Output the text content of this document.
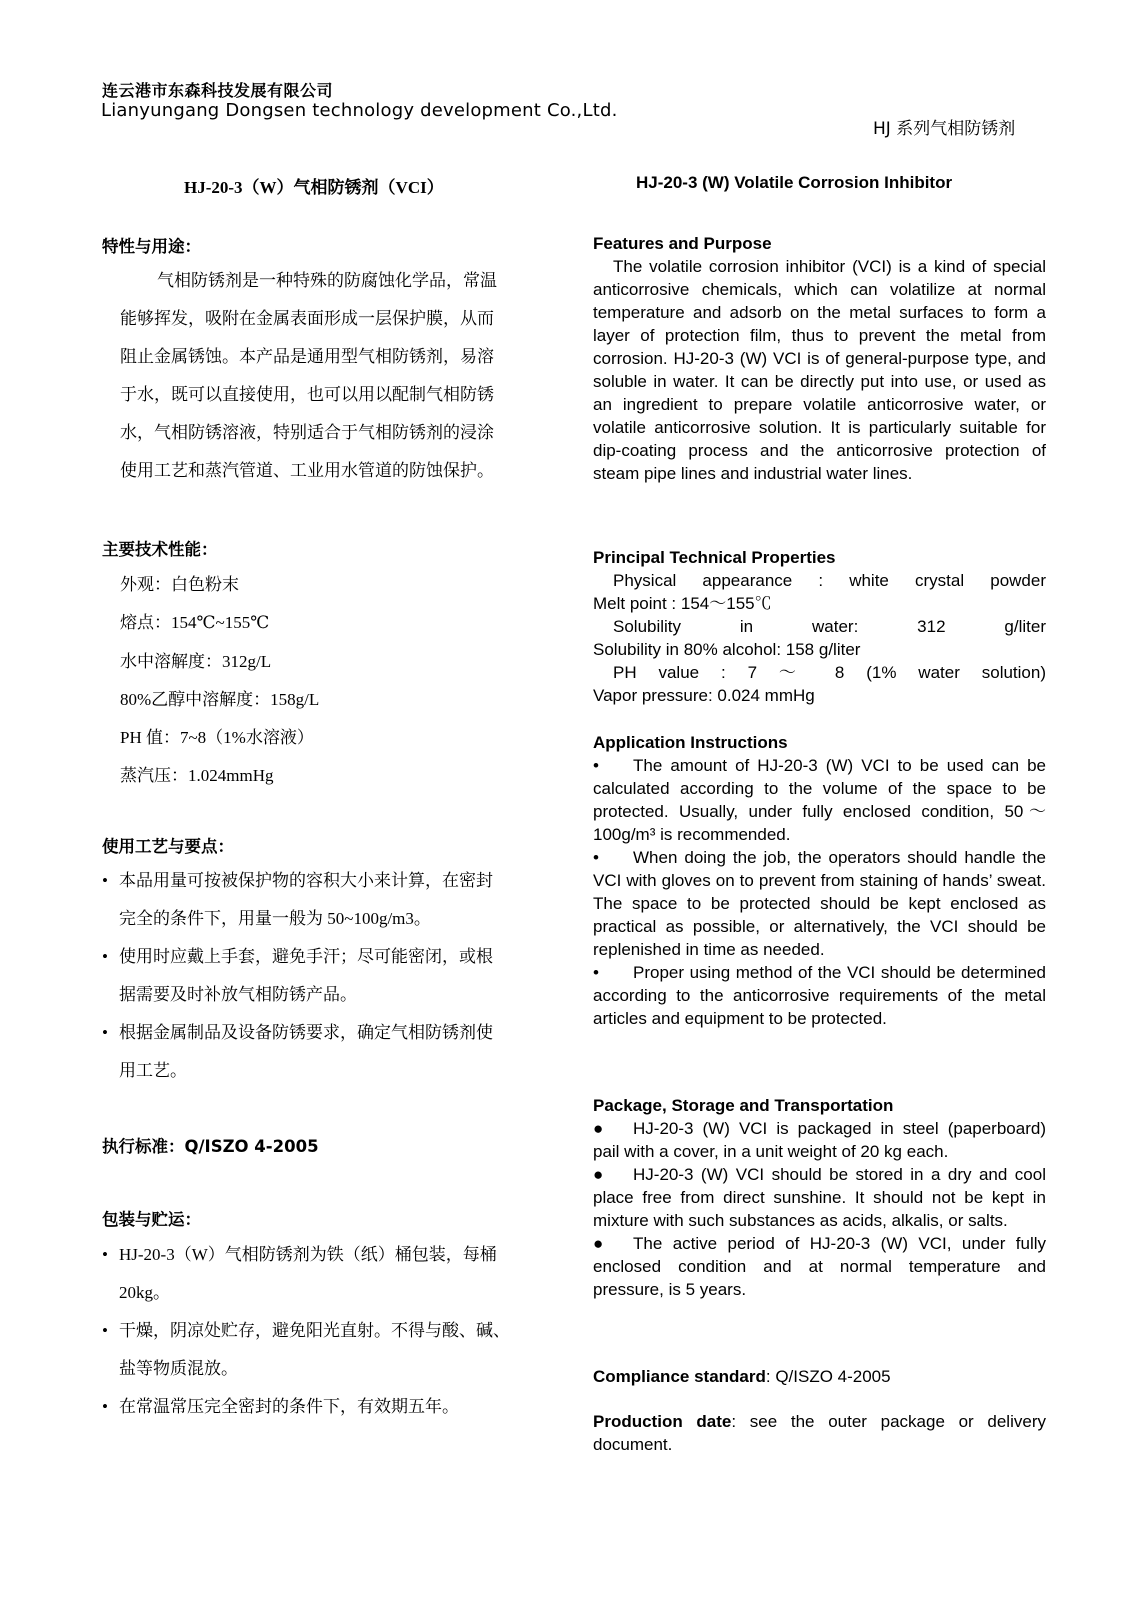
连云港市东森科技发展有限公司
Lianyungang Dongsen technology development Co.,Ltd.
HJ 系列气相防锈剂
HJ-20-3（W）气相防锈剂（VCI）	HJ-20-3 (W) Volatile Corrosion Inhibitor
特性与用途：
　气相防锈剂是一种特殊的防腐蚀化学品，常温
能够挥发，吸附在金属表面形成一层保护膜，从而
阻止金属锈蚀。本产品是通用型气相防锈剂，易溶
于水，既可以直接使用，也可以用以配制气相防锈
水，气相防锈溶液，特别适合于气相防锈剂的浸涂
使用工艺和蒸汽管道、工业用水管道的防蚀保护。
主要技术性能：
外观：白色粉末
熔点：154℃~155℃
水中溶解度：312g/L
80%乙醇中溶解度：158g/L
PH 值：7~8（1%水溶液）
蒸汽压：1.024mmHg
使用工艺与要点：
• 本品用量可按被保护物的容积大小来计算，在密封
完全的条件下，用量一般为 50~100g/m3。
• 使用时应戴上手套，避免手汗；尽可能密闭，或根
据需要及时补放气相防锈产品。
• 根据金属制品及设备防锈要求，确定气相防锈剂使
用工艺。
执行标准：Q/ISZO 4-2005
包装与贮运：
• HJ-20-3（W）气相防锈剂为铁（纸）桶包装，每桶
20kg。
• 干燥，阴凉处贮存，避免阳光直射。不得与酸、碱、
盐等物质混放。
• 在常温常压完全密封的条件下，有效期五年。
Features and Purpose
The volatile corrosion inhibitor (VCI) is a kind of special anticorrosive chemicals, which can volatilize at normal temperature and adsorb on the metal surfaces to form a layer of protection film, thus to prevent the metal from corrosion. HJ-20-3 (W) VCI is of general-purpose type, and soluble in water. It can be directly put into use, or used as an ingredient to prepare volatile anticorrosive water, or volatile anticorrosive solution. It is particularly suitable for dip-coating process and the anticorrosive protection of steam pipe lines and industrial water lines.
Principal Technical Properties
Physical appearance : white crystal powder
Melt point : 154～155℃
Solubility in water: 312 g/liter
Solubility in 80% alcohol: 158 g/liter
PH value : 7 ～ 8 (1% water solution)
Vapor pressure: 0.024 mmHg
Application Instructions
• The amount of HJ-20-3 (W) VCI to be used can be calculated according to the volume of the space to be protected. Usually, under fully enclosed condition, 50～100g/m³ is recommended.
• When doing the job, the operators should handle the VCI with gloves on to prevent from staining of hands’ sweat. The space to be protected should be kept enclosed as practical as possible, or alternatively, the VCI should be replenished in time as needed.
• Proper using method of the VCI should be determined according to the anticorrosive requirements of the metal articles and equipment to be protected.
Package, Storage and Transportation
● HJ-20-3 (W) VCI is packaged in steel (paperboard) pail with a cover, in a unit weight of 20 kg each.
● HJ-20-3 (W) VCI should be stored in a dry and cool place free from direct sunshine. It should not be kept in mixture with such substances as acids, alkalis, or salts.
● The active period of HJ-20-3 (W) VCI, under fully enclosed condition and at normal temperature and pressure, is 5 years.
Compliance standard: Q/ISZO 4-2005
Production date: see the outer package or delivery document.
